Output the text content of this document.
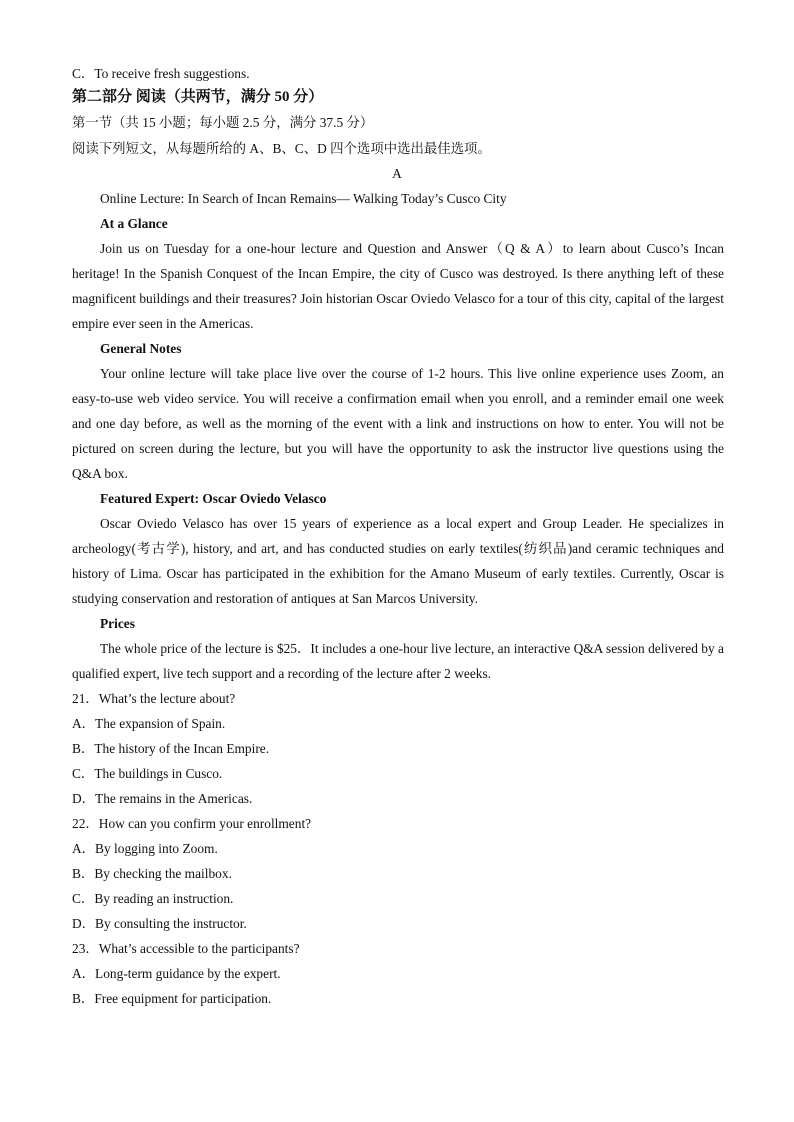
C．To receive fresh suggestions.
第二部分 阅读（共两节，满分 50 分）
第一节（共 15 小题；每小题 2.5 分，满分 37.5 分）
阅读下列短文，从每题所给的 A、B、C、D 四个选项中选出最佳选项。
A
Online Lecture: In Search of Incan Remains— Walking Today’s Cusco City
At a Glance
Join us on Tuesday for a one-hour lecture and Question and Answer（Q & A）to learn about Cusco’s Incan heritage! In the Spanish Conquest of the Incan Empire, the city of Cusco was destroyed. Is there anything left of these magnificent buildings and their treasures? Join historian Oscar Oviedo Velasco for a tour of this city, capital of the largest empire ever seen in the Americas.
General Notes
Your online lecture will take place live over the course of 1-2 hours. This live online experience uses Zoom, an easy-to-use web video service. You will receive a confirmation email when you enroll, and a reminder email one week and one day before, as well as the morning of the event with a link and instructions on how to enter. You will not be pictured on screen during the lecture, but you will have the opportunity to ask the instructor live questions using the Q&A box.
Featured Expert: Oscar Oviedo Velasco
Oscar Oviedo Velasco has over 15 years of experience as a local expert and Group Leader. He specializes in archeology(考古学), history, and art, and has conducted studies on early textiles(纺织品)and ceramic techniques and history of Lima. Oscar has participated in the exhibition for the Amano Museum of early textiles. Currently, Oscar is studying conservation and restoration of antiques at San Marcos University.
Prices
The whole price of the lecture is $25．It includes a one-hour live lecture, an interactive Q&A session delivered by a qualified expert, live tech support and a recording of the lecture after 2 weeks.
21．What’s the lecture about?
A．The expansion of Spain.
B．The history of the Incan Empire.
C．The buildings in Cusco.
D．The remains in the Americas.
22．How can you confirm your enrollment?
A．By logging into Zoom.
B．By checking the mailbox.
C．By reading an instruction.
D．By consulting the instructor.
23．What’s accessible to the participants?
A．Long-term guidance by the expert.
B．Free equipment for participation.
